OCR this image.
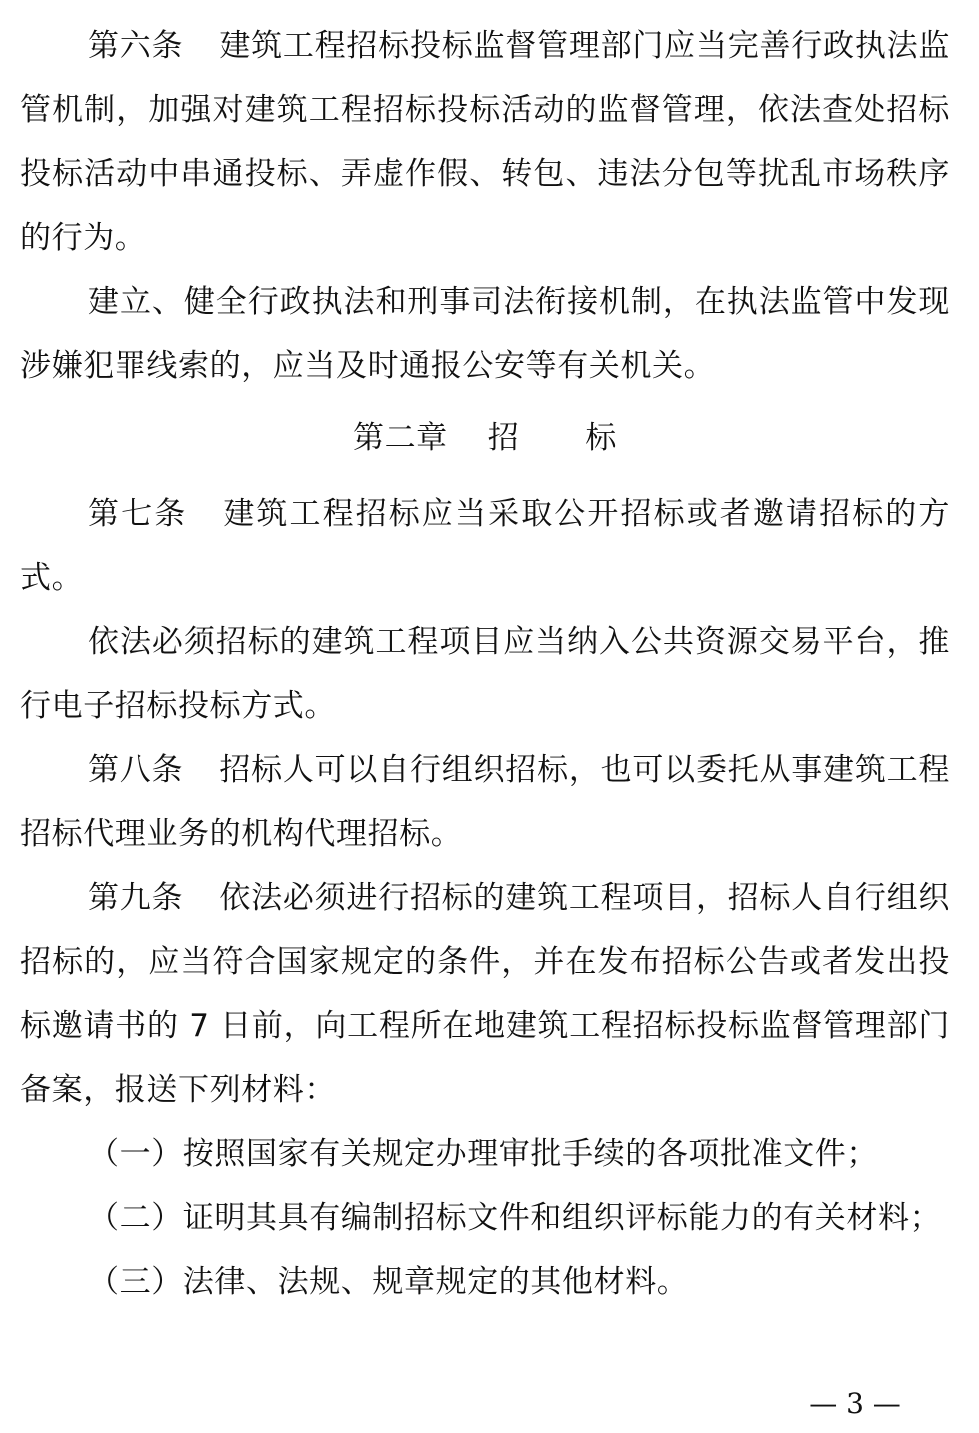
第六条 建筑工程招标投标监督管理部门应当完善行政执法监管机制，加强对建筑工程招标投标活动的监督管理，依法查处招标投标活动中串通投标、弄虚作假、转包、违法分包等扰乱市场秩序的行为。

建立、健全行政执法和刑事司法衔接机制，在执法监管中发现涉嫌犯罪线索的，应当及时通报公安等有关机关。

第二章 招 标

第七条 建筑工程招标应当采取公开招标或者邀请招标的方式。

依法必须招标的建筑工程项目应当纳入公共资源交易平台，推行电子招标投标方式。

第八条 招标人可以自行组织招标，也可以委托从事建筑工程招标代理业务的机构代理招标。

第九条 依法必须进行招标的建筑工程项目，招标人自行组织招标的，应当符合国家规定的条件，并在发布招标公告或者发出投标邀请书的 7 日前，向工程所在地建筑工程招标投标监督管理部门备案，报送下列材料：

（一）按照国家有关规定办理审批手续的各项批准文件；

（二）证明其具有编制招标文件和组织评标能力的有关材料；

（三）法律、法规、规章规定的其他材料。

— 3 —
